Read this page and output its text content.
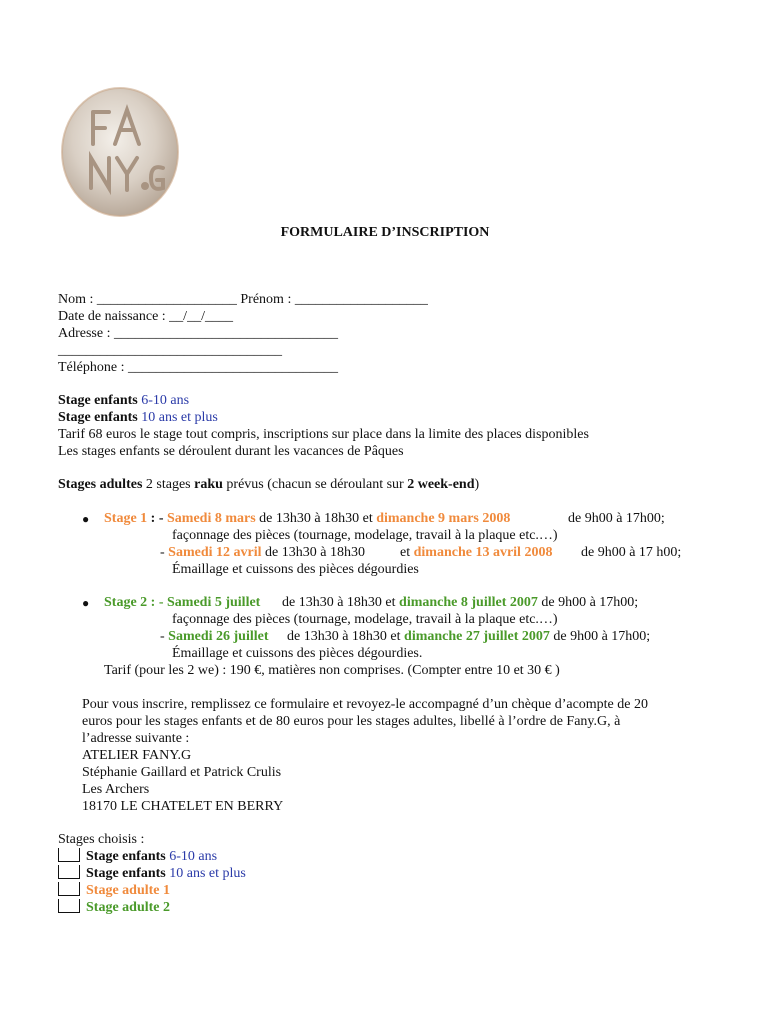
FORMULAIRE D’INSCRIPTION
Nom : ____________________ Prénom : ___________________
Date de naissance : __/__/____
Adresse : ________________________________
________________________________
Téléphone : ______________________________
Stage enfants 6-10 ans
Stage enfants 10 ans et plus
Tarif 68 euros le stage tout compris, inscriptions sur place dans la limite des places disponibles
Les stages enfants se déroulent durant les vacances de Pâques
Stages adultes 2 stages raku prévus (chacun se déroulant sur 2 week-end)
● Stage 1 : - Samedi 8 mars de 13h30 à 18h30 et dimanche 9 mars 2008	de 9h00 à 17h00;
façonnage des pièces (tournage, modelage, travail à la plaque etc.…)
- Samedi 12 avril de 13h30 à 18h30	et dimanche 13 avril 2008 de 9h00 à 17 h00;
Émaillage et cuissons des pièces dégourdies
● Stage 2 : - Samedi 5 juillet de 13h30 à 18h30 et dimanche 8 juillet 2007 de 9h00 à 17h00;
façonnage des pièces (tournage, modelage, travail à la plaque etc.…)
- Samedi 26 juillet de 13h30 à 18h30 et dimanche 27 juillet 2007 de 9h00 à 17h00;
Émaillage et cuissons des pièces dégourdies.
Tarif (pour les 2 we) : 190 €, matières non comprises. (Compter entre 10 et 30 € )
Pour vous inscrire, remplissez ce formulaire et revoyez-le accompagné d’un chèque d’acompte de 20
euros pour les stages enfants et de 80 euros pour les stages adultes, libellé à l’ordre de Fany.G, à
l’adresse suivante :
ATELIER FANY.G
Stéphanie Gaillard et Patrick Crulis
Les Archers
18170 LE CHATELET EN BERRY
Stages choisis :
Stage enfants 6-10 ans
Stage enfants 10 ans et plus
Stage adulte 1
Stage adulte 2
